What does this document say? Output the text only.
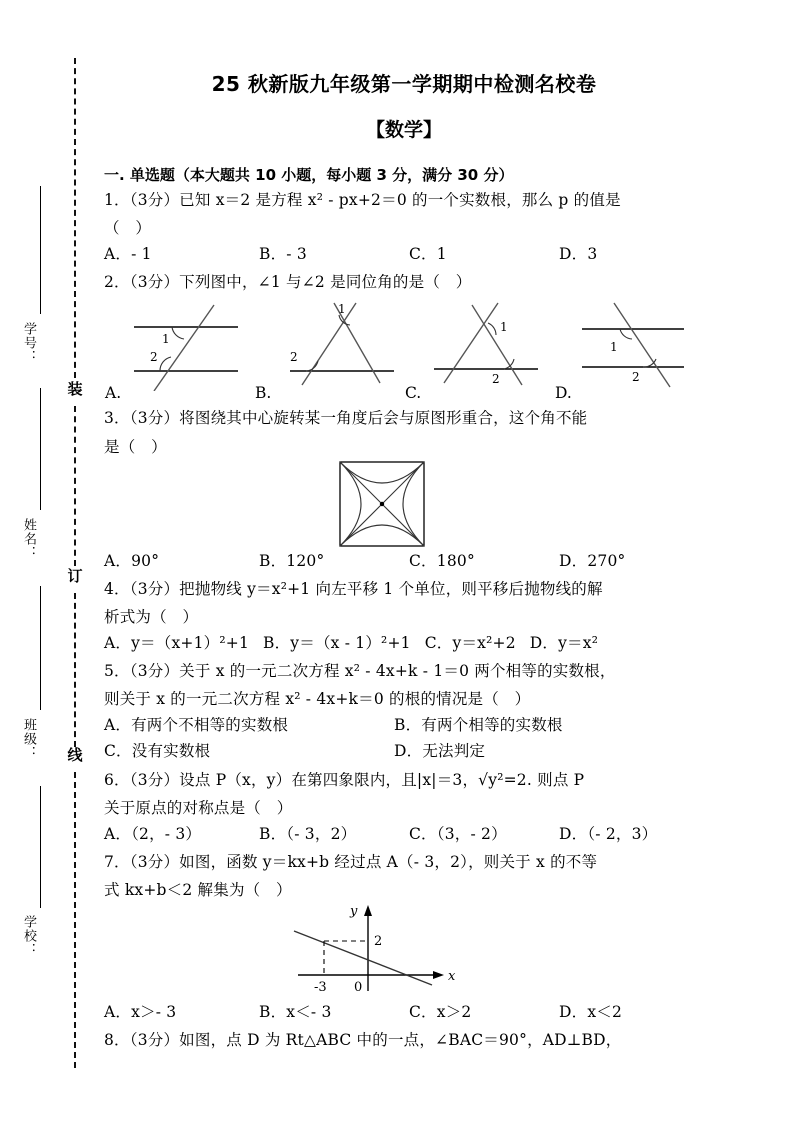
学号：
姓名：
班级：
学校：
装
订
线
25 秋新版九年级第一学期期中检测名校卷
【数学】
一. 单选题（本大题共 10 小题，每小题 3 分，满分 30 分）
1．（3分）已知 x＝2 是方程 x² - px+2＝0 的一个实数根，那么 p 的值是
（　）
A．- 1	B．- 3	C．1	D．3
2．（3分）下列图中，∠1 与∠2 是同位角的是（　）
A.
1
2
B.
1
2
C.
1
2
D.
1
2
3．（3分）将图绕其中心旋转某一角度后会与原图形重合，这个角不能
是（　）
A．90°	B．120°	C．180°	D．270°
4．（3分）把抛物线 y＝x²+1 向左平移 1 个单位，则平移后抛物线的解
析式为（　）
A．y＝（x+1）²+1 B．y＝（x - 1）²+1 C．y＝x²+2 D．y＝x²
5．（3分）关于 x 的一元二次方程 x² - 4x+k - 1＝0 两个相等的实数根，
则关于 x 的一元二次方程 x² - 4x+k＝0 的根的情况是（　）
A．有两个不相等的实数根	B．有两个相等的实数根
C．没有实数根	D．无法判定
6．（3分）设点 P（x，y）在第四象限内，且|x|＝3，√y²=2. 则点 P
关于原点的对称点是（　）
A．（2，- 3）	B．（- 3，2）	C．（3，- 2）	D．（- 2，3）
7．（3分）如图，函数 y＝kx+b 经过点 A（- 3，2），则关于 x 的不等
式 kx+b＜2 解集为（　）
y
x
2
-3 0
A．x＞- 3	B．x＜- 3	C．x＞2	D．x＜2
8．（3分）如图，点 D 为 Rt△ABC 中的一点，∠BAC＝90°，AD⊥BD，
